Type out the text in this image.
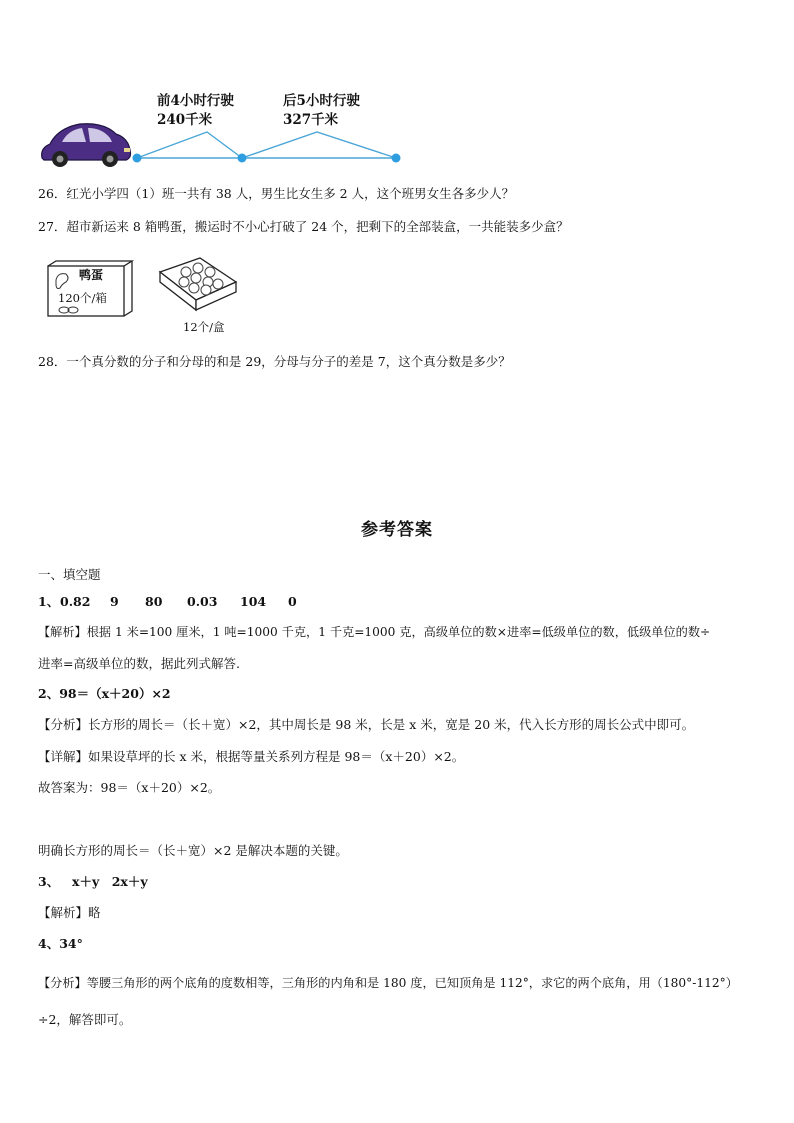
前4小时行驶
240千米
后5小时行驶
327千米
26．红光小学四（1）班一共有 38 人，男生比女生多 2 人，这个班男女生各多少人？
27．超市新运来 8 箱鸭蛋，搬运时不小心打破了 24 个，把剩下的全部装盒，一共能装多少盒？
鸭蛋
120个/箱
12个/盒
28．一个真分数的分子和分母的和是 29，分母与分子的差是 7，这个真分数是多少？
参考答案
一、填空题
1、 0.82 9 80 0.03 104 0
【解析】根据 1 米=100 厘米，1 吨=1000 千克，1 千克=1000 克，高级单位的数×进率=低级单位的数，低级单位的数÷
进率=高级单位的数，据此列式解答.
2、98＝（x＋20）×2
【分析】长方形的周长＝（长＋宽）×2，其中周长是 98 米，长是 x 米，宽是 20 米，代入长方形的周长公式中即可。
【详解】如果设草坪的长 x 米，根据等量关系列方程是 98＝（x＋20）×2。
故答案为：98＝（x＋20）×2。
明确长方形的周长＝（长＋宽）×2 是解决本题的关键。
3、 x＋y　2x＋y
【解析】略
4、34°
【分析】等腰三角形的两个底角的度数相等，三角形的内角和是 180 度，已知顶角是 112°，求它的两个底角，用（180°-112°）
÷2，解答即可。
